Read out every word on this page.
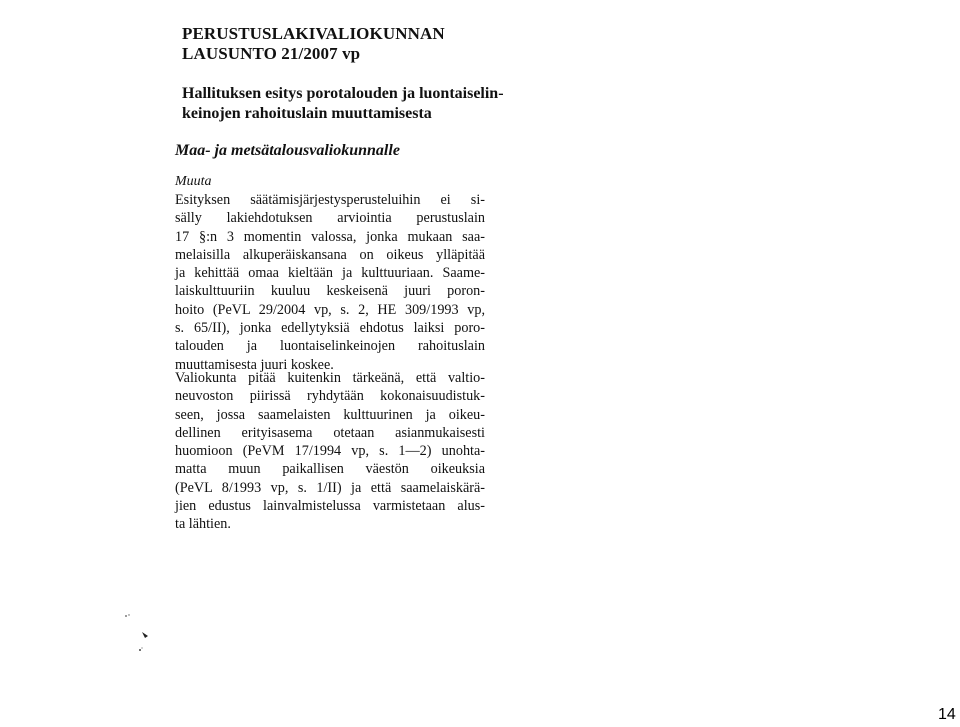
PERUSTUSLAKIVALIOKUNNAN
LAUSUNTO 21/2007 vp
Hallituksen esitys porotalouden ja luontaiselin-
keinojen rahoituslain muuttamisesta
Maa- ja metsätalousvaliokunnalle
Muuta
Esityksen säätämisjärjestysperusteluihin ei si-
sälly lakiehdotuksen arviointia perustuslain
17 §:n 3 momentin valossa, jonka mukaan saa-
melaisilla alkuperäiskansana on oikeus ylläpitää
ja kehittää omaa kieltään ja kulttuuriaan. Saame-
laiskulttuuriin kuuluu keskeisenä juuri poron-
hoito (PeVL 29/2004 vp, s. 2, HE 309/1993 vp,
s. 65/II), jonka edellytyksiä ehdotus laiksi poro-
talouden ja luontaiselinkeinojen rahoituslain
muuttamisesta juuri koskee.
Valiokunta pitää kuitenkin tärkeänä, että valtio-
neuvoston piirissä ryhdytään kokonaisuudistuk-
seen, jossa saamelaisten kulttuurinen ja oikeu-
dellinen erityisasema otetaan asianmukaisesti
huomioon (PeVM 17/1994 vp, s. 1—2) unohta-
matta muun paikallisen väestön oikeuksia
(PeVL 8/1993 vp, s. 1/II) ja että saamelaiskärä-
jien edustus lainvalmistelussa varmistetaan alus-
ta lähtien.
14
